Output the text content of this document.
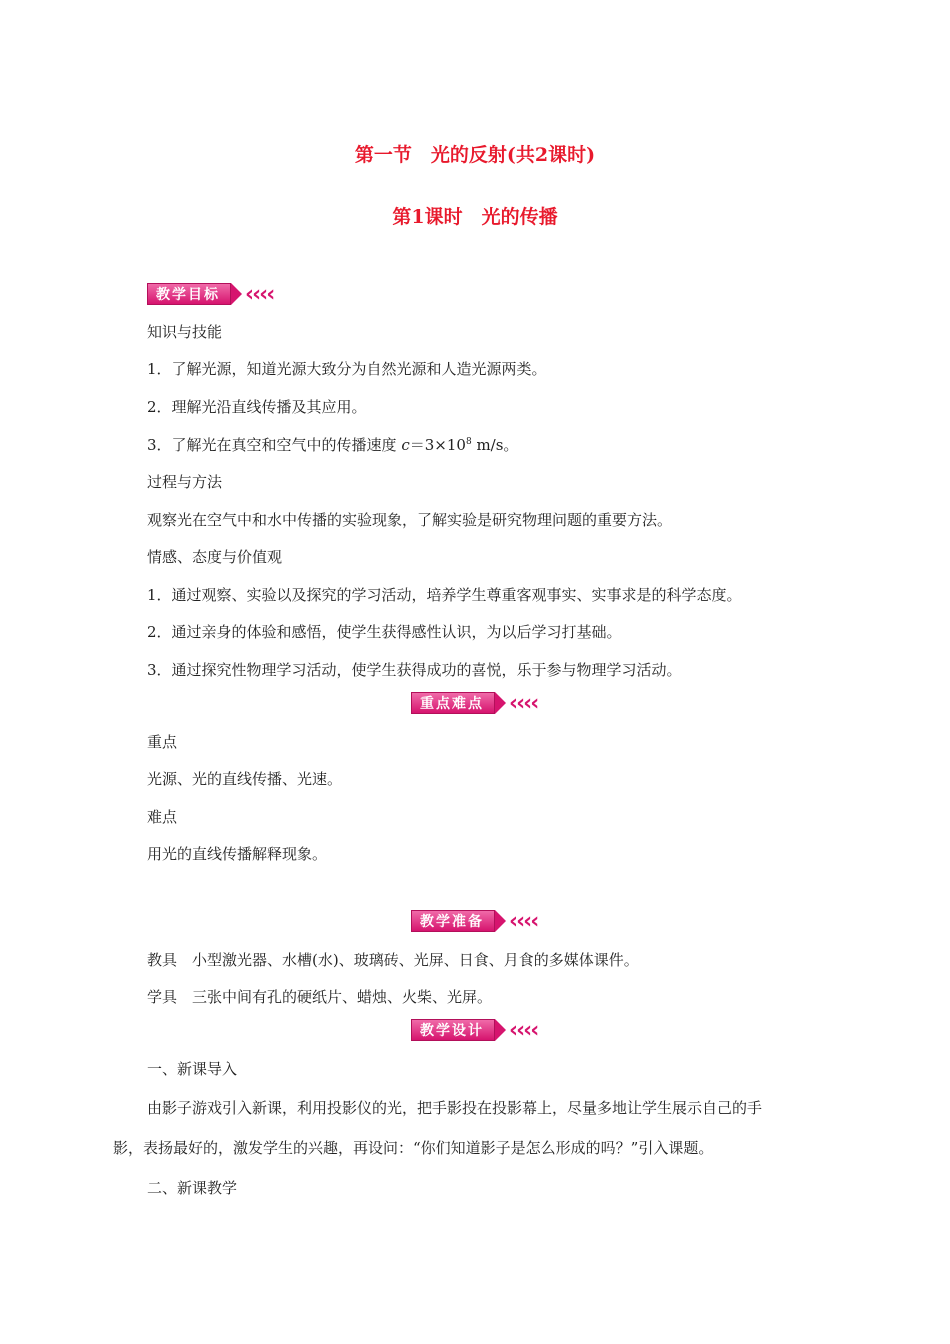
第一节　光的反射(共2课时)
第1课时　光的传播
教学目标	‹‹‹‹
知识与技能
1．了解光源，知道光源大致分为自然光源和人造光源两类。
2．理解光沿直线传播及其应用。
3．了解光在真空和空气中的传播速度 $c=3\times 10^8$ m/s。
过程与方法
观察光在空气中和水中传播的实验现象，了解实验是研究物理问题的重要方法。
情感、态度与价值观
1．通过观察、实验以及探究的学习活动，培养学生尊重客观事实、实事求是的科学态度。
2．通过亲身的体验和感悟，使学生获得感性认识，为以后学习打基础。
3．通过探究性物理学习活动，使学生获得成功的喜悦，乐于参与物理学习活动。
重点难点	‹‹‹‹
重点
光源、光的直线传播、光速。
难点
用光的直线传播解释现象。
教学准备	‹‹‹‹
教具　小型激光器、水槽(水)、玻璃砖、光屏、日食、月食的多媒体课件。
学具　三张中间有孔的硬纸片、蜡烛、火柴、光屏。
教学设计	‹‹‹‹
一、新课导入
由影子游戏引入新课，利用投影仪的光，把手影投在投影幕上，尽量多地让学生展示自己的手
影，表扬最好的，激发学生的兴趣，再设问：“你们知道影子是怎么形成的吗？”引入课题。
二、新课教学
